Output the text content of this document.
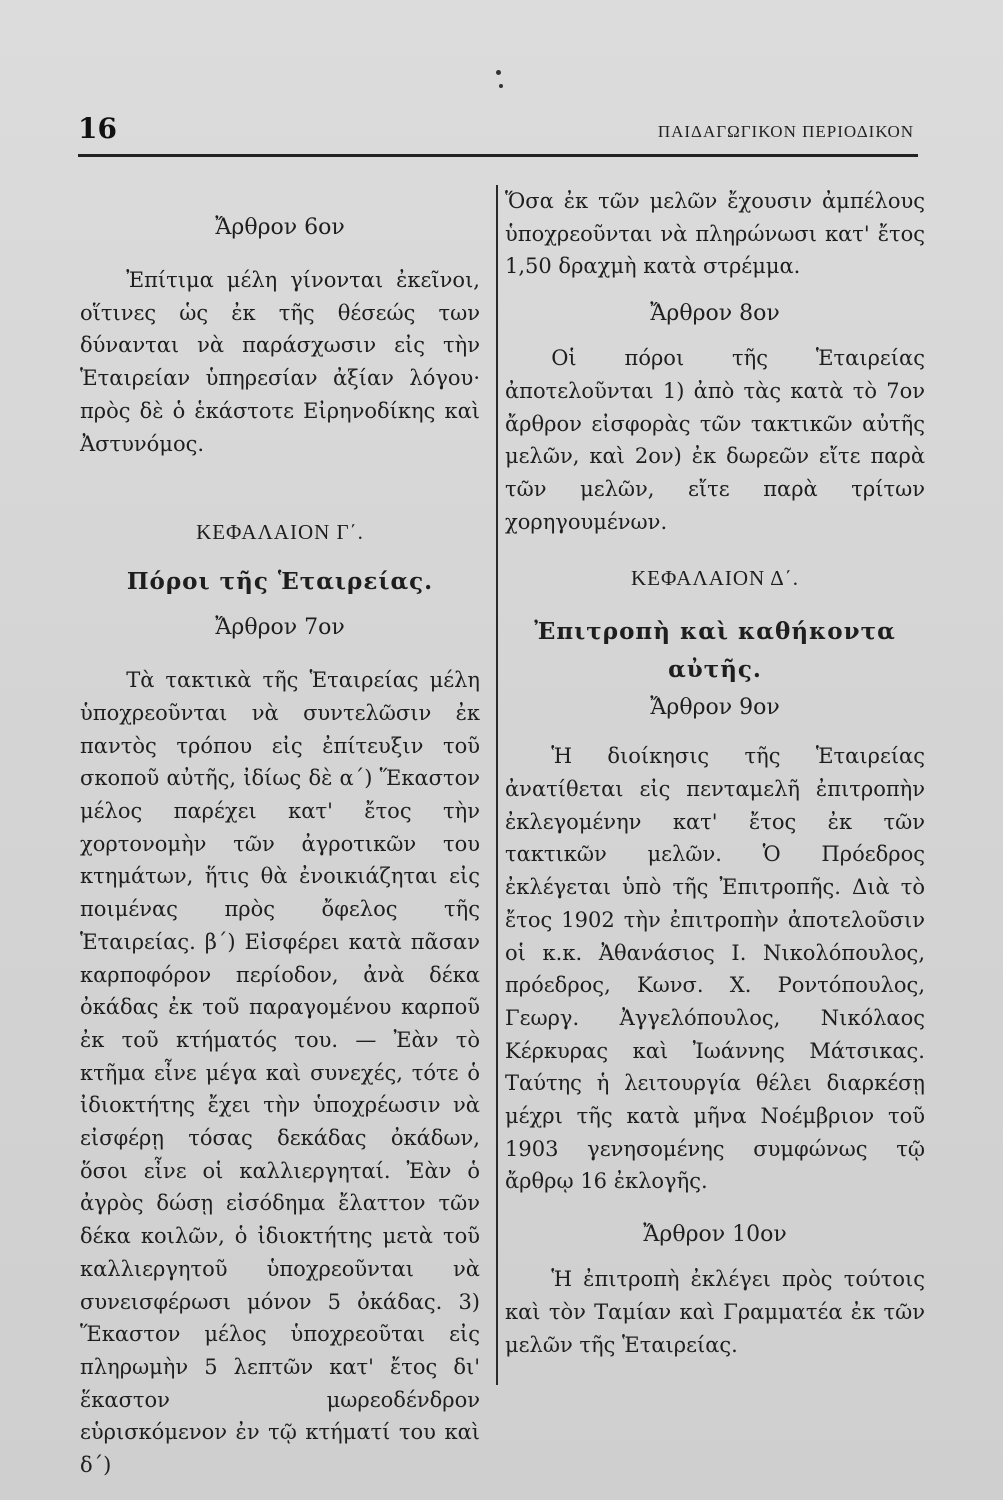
16	ΠΑΙΔΑΓΩΓΙΚΟΝ ΠΕΡΙΟΔΙΚΟΝ

Ἄρθρον 6ον

Ἐπίτιμα μέλη γίνονται ἐκεῖνοι, οἵτινες ὡς ἐκ τῆς θέσεώς των δύνανται νὰ παράσχωσιν εἰς τὴν Ἑταιρείαν ὑπηρεσίαν ἀξίαν λόγου· πρὸς δὲ ὁ ἑκάστοτε Εἰρηνοδίκης καὶ Ἀστυνόμος.

ΚΕΦΑΛΑΙΟΝ Γ΄.

Πόροι τῆς Ἑταιρείας.

Ἄρθρον 7ον

Τὰ τακτικὰ τῆς Ἑταιρείας μέλη ὑποχρεοῦνται νὰ συντελῶσιν ἐκ παντὸς τρόπου εἰς ἐπίτευξιν τοῦ σκοποῦ αὐτῆς, ἰδίως δὲ α΄) Ἕκαστον μέλος παρέχει κατ' ἔτος τὴν χορτονομὴν τῶν ἀγροτικῶν του κτημάτων, ἥτις θὰ ἐνοικιάζηται εἰς ποιμένας πρὸς ὄφελος τῆς Ἑταιρείας. β΄) Εἰσφέρει κατὰ πᾶσαν καρποφόρον περίοδον, ἀνὰ δέκα ὀκάδας ἐκ τοῦ παραγομένου καρποῦ ἐκ τοῦ κτήματός του. — Ἐὰν τὸ κτῆμα εἶνε μέγα καὶ συνεχές, τότε ὁ ἰδιοκτήτης ἔχει τὴν ὑποχρέωσιν νὰ εἰσφέρῃ τόσας δεκάδας ὀκάδων, ὅσοι εἶνε οἱ καλλιεργηταί. Ἐὰν ὁ ἀγρὸς δώσῃ εἰσόδημα ἔλαττον τῶν δέκα κοιλῶν, ὁ ἰδιοκτήτης μετὰ τοῦ καλλιεργητοῦ ὑποχρεοῦνται νὰ συνεισφέρωσι μόνον 5 ὀκάδας. 3) Ἕκαστον μέλος ὑποχρεοῦται εἰς πληρωμὴν 5 λεπτῶν κατ' ἔτος δι' ἕκαστον μωρεοδένδρον εὑρισκόμενον ἐν τῷ κτήματί του καὶ δ΄)

Ὅσα ἐκ τῶν μελῶν ἔχουσιν ἀμπέλους ὑποχρεοῦνται νὰ πληρώνωσι κατ' ἔτος 1,50 δραχμὴ κατὰ στρέμμα.

Ἄρθρον 8ον

Οἱ πόροι τῆς Ἑταιρείας ἀποτελοῦνται 1) ἀπὸ τὰς κατὰ τὸ 7ον ἄρθρον εἰσφορὰς τῶν τακτικῶν αὐτῆς μελῶν, καὶ 2ον) ἐκ δωρεῶν εἴτε παρὰ τῶν μελῶν, εἴτε παρὰ τρίτων χορηγουμένων.

ΚΕΦΑΛΑΙΟΝ Δ΄.

Ἐπιτροπὴ καὶ καθήκοντα

αὐτῆς.

Ἄρθρον 9ον

Ἡ διοίκησις τῆς Ἑταιρείας ἀνατίθεται εἰς πενταμελῆ ἐπιτροπὴν ἐκλεγομένην κατ' ἔτος ἐκ τῶν τακτικῶν μελῶν. Ὁ Πρόεδρος ἐκλέγεται ὑπὸ τῆς Ἐπιτροπῆς. Διὰ τὸ ἔτος 1902 τὴν ἐπιτροπὴν ἀποτελοῦσιν οἱ κ.κ. Ἀθανάσιος Ι. Νικολόπουλος, πρόεδρος, Κωνσ. Χ. Ροντόπουλος, Γεωργ. Ἀγγελόπουλος, Νικόλαος Κέρκυρας καὶ Ἰωάννης Μάτσικας. Ταύτης ἡ λειτουργία θέλει διαρκέσῃ μέχρι τῆς κατὰ μῆνα Νοέμβριον τοῦ 1903 γενησομένης συμφώνως τῷ ἄρθρῳ 16 ἐκλογῆς.

Ἄρθρον 10ον

Ἡ ἐπιτροπὴ ἐκλέγει πρὸς τούτοις καὶ τὸν Ταμίαν καὶ Γραμματέα ἐκ τῶν μελῶν τῆς Ἑταιρείας.
